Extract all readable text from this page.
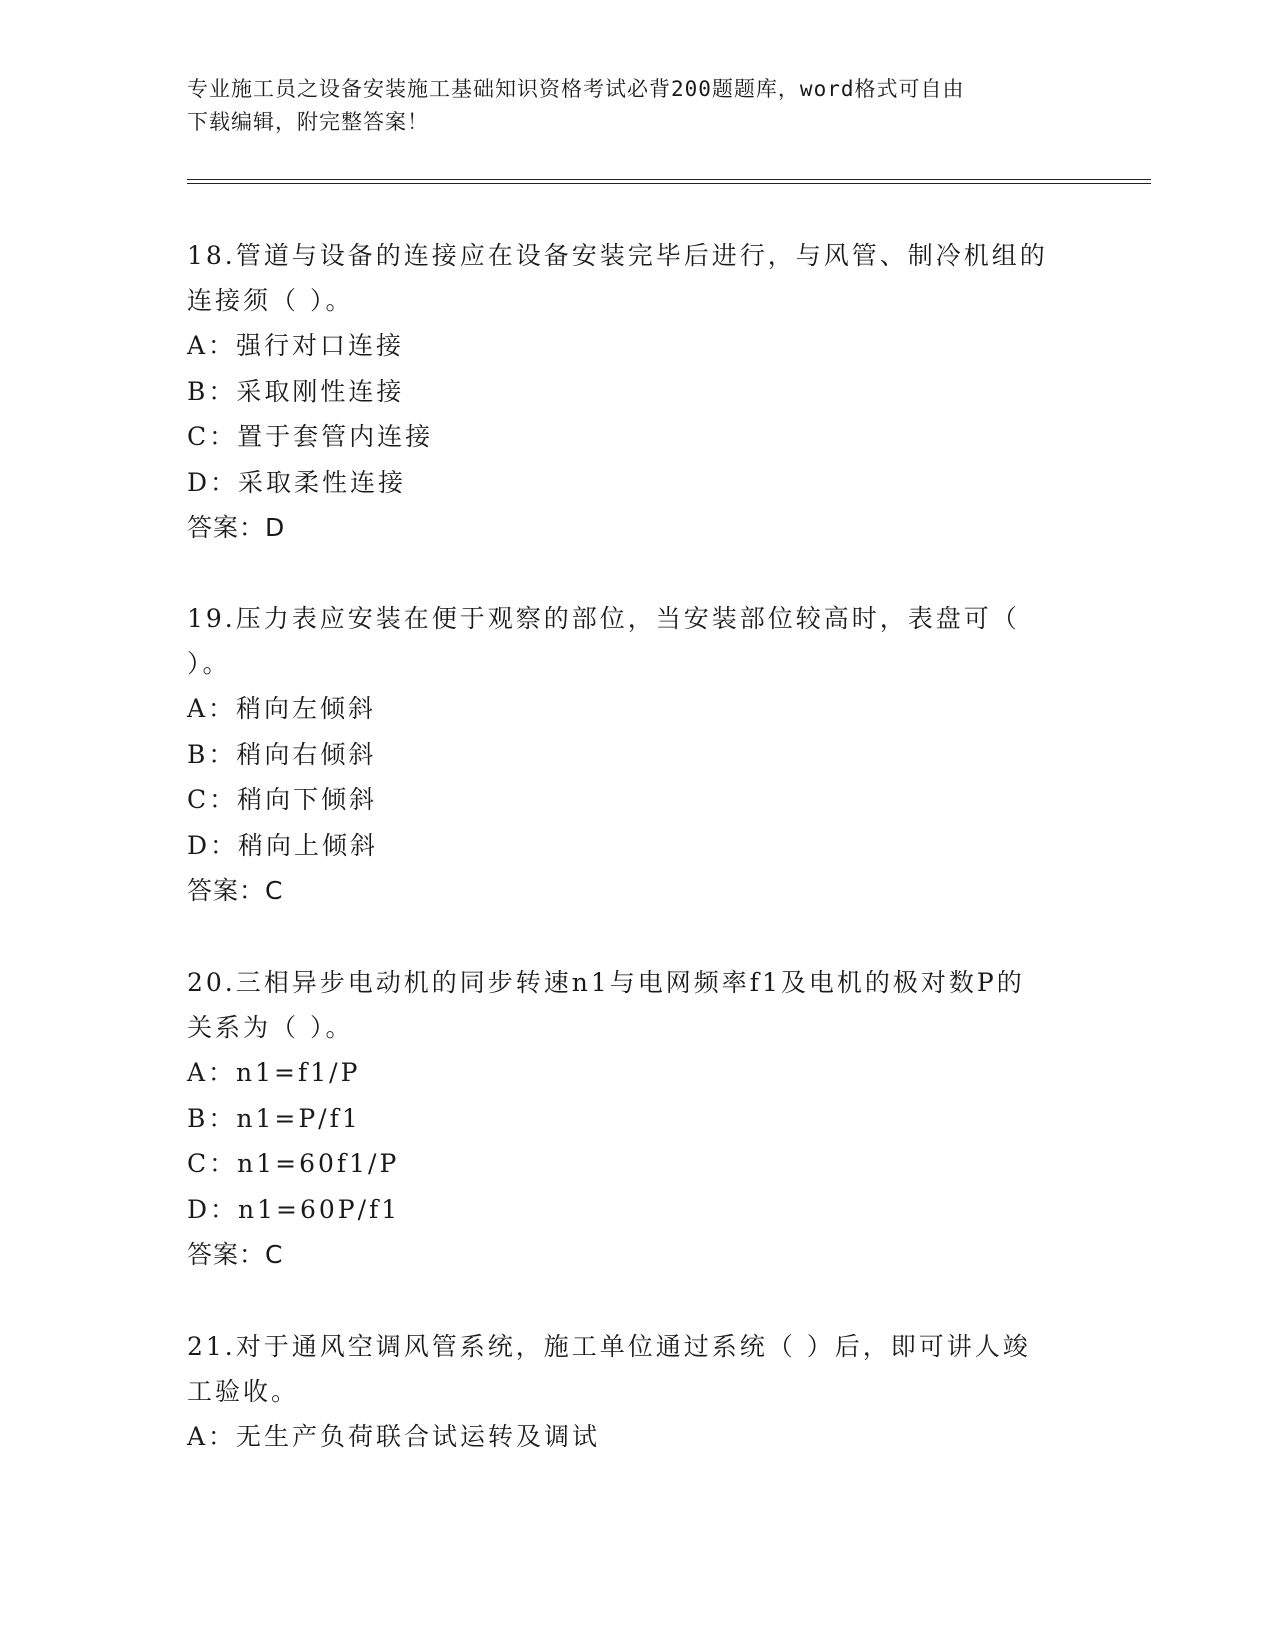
专业施工员之设备安装施工基础知识资格考试必背200题题库，word格式可自由
下载编辑，附完整答案！
18.管道与设备的连接应在设备安装完毕后进行，与风管、制冷机组的
连接须（ ）。
A：强行对口连接
B：采取刚性连接
C：置于套管内连接
D：采取柔性连接
答案：D
19.压力表应安装在便于观察的部位，当安装部位较高时，表盘可（
）。
A：稍向左倾斜
B：稍向右倾斜
C：稍向下倾斜
D：稍向上倾斜
答案：C
20.三相异步电动机的同步转速n1与电网频率f1及电机的极对数P的
关系为（ ）。
A：n1=f1/P
B：n1=P/f1
C：n1=60f1/P
D：n1=60P/f1
答案：C
21.对于通风空调风管系统，施工单位通过系统（ ）后，即可讲人竣
工验收。
A：无生产负荷联合试运转及调试
